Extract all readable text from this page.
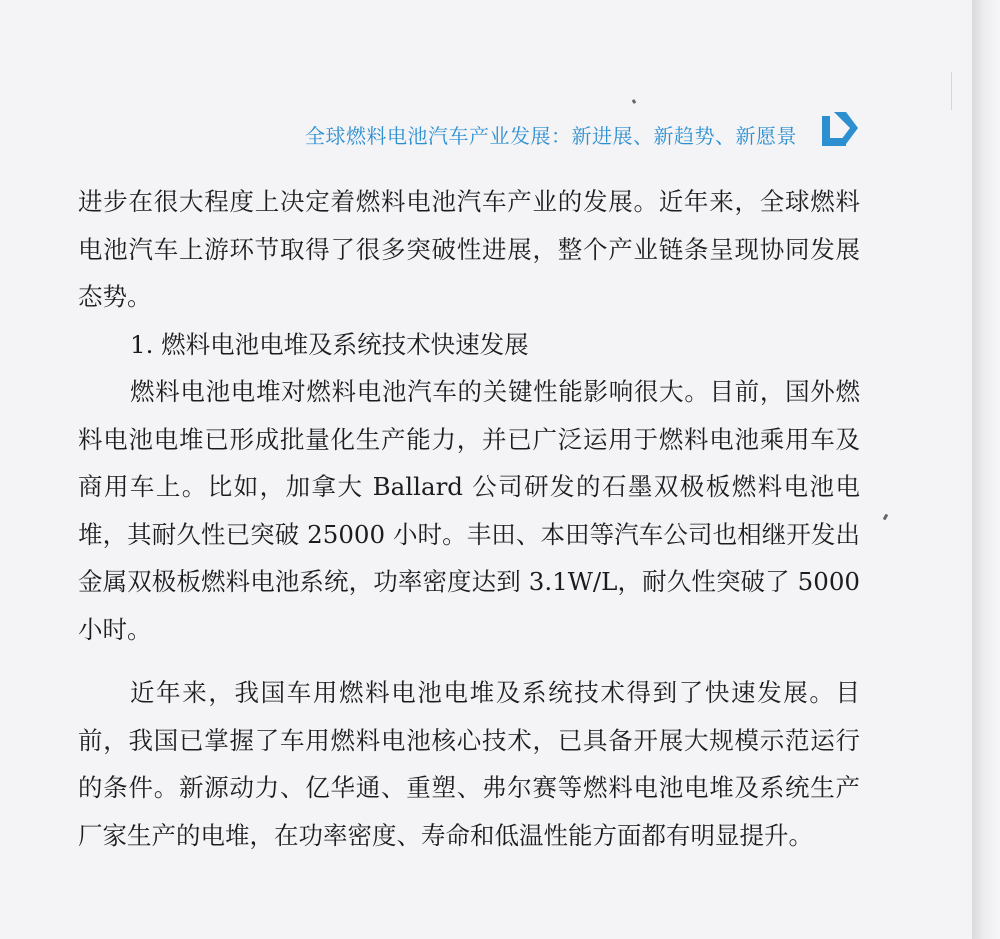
全球燃料电池汽车产业发展：新进展、新趋势、新愿景

进步在很大程度上决定着燃料电池汽车产业的发展。近年来，全球燃料电池汽车上游环节取得了很多突破性进展，整个产业链条呈现协同发展态势。

1. 燃料电池电堆及系统技术快速发展

燃料电池电堆对燃料电池汽车的关键性能影响很大。目前，国外燃料电池电堆已形成批量化生产能力，并已广泛运用于燃料电池乘用车及商用车上。比如，加拿大 Ballard 公司研发的石墨双极板燃料电池电堆，其耐久性已突破 25000 小时。丰田、本田等汽车公司也相继开发出金属双极板燃料电池系统，功率密度达到 3.1W/L，耐久性突破了 5000 小时。

近年来，我国车用燃料电池电堆及系统技术得到了快速发展。目前，我国已掌握了车用燃料电池核心技术，已具备开展大规模示范运行的条件。新源动力、亿华通、重塑、弗尔赛等燃料电池电堆及系统生产厂家生产的电堆，在功率密度、寿命和低温性能方面都有明显提升。
